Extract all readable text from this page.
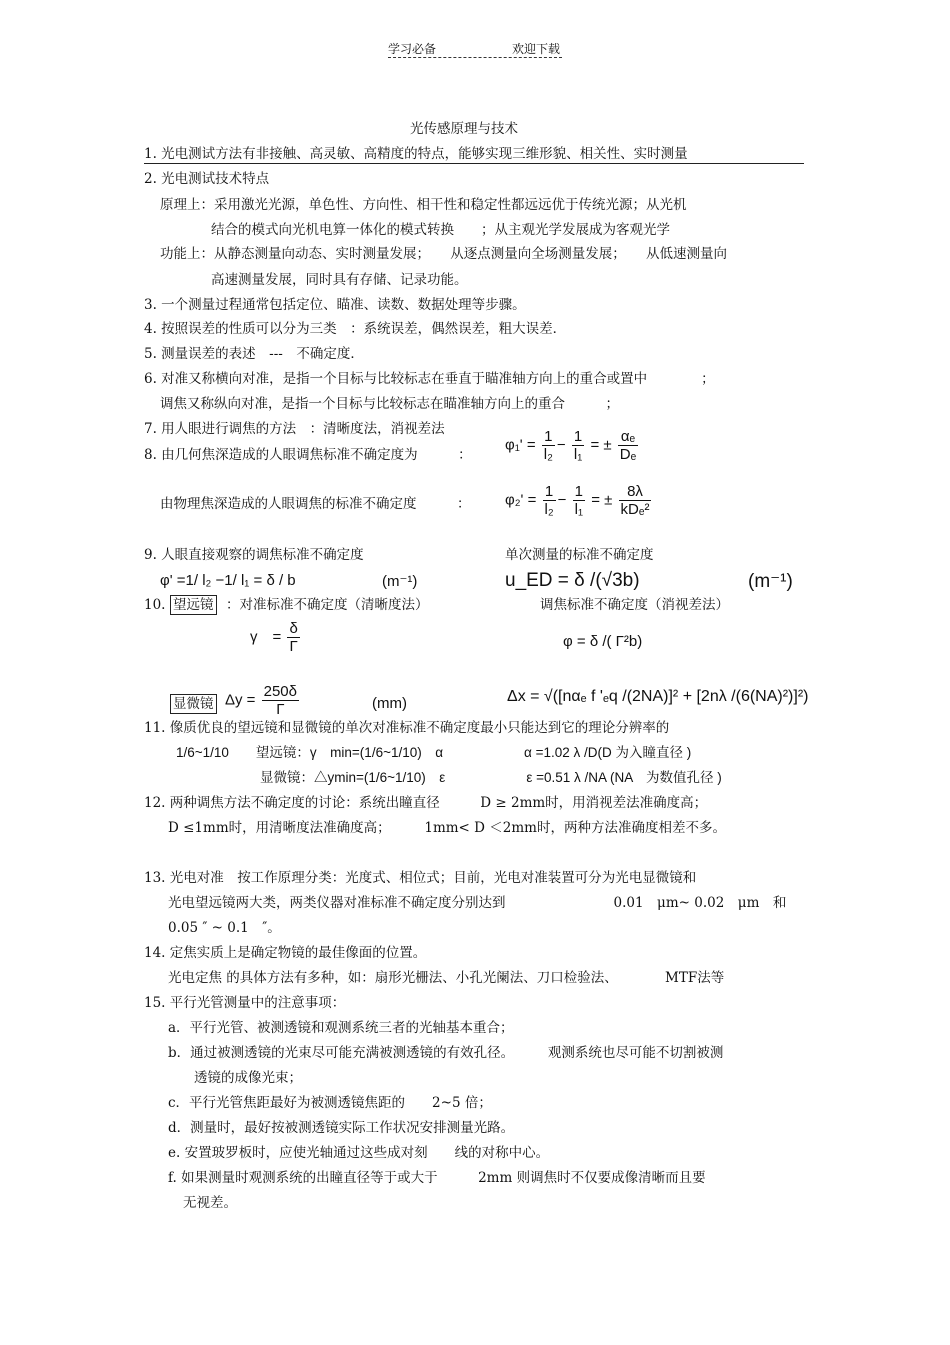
学习必备	欢迎下载
光传感原理与技术
1. 光电测试方法有非接触、高灵敏、高精度的特点，能够实现三维形貌、相关性、实时测量
2. 光电测试技术特点
原理上：采用激光光源，单色性、方向性、相干性和稳定性都远远优于传统光源；从光机
结合的模式向光机电算一体化的模式转换　　；从主观光学发展成为客观光学
功能上：从静态测量向动态、实时测量发展；　　从逐点测量向全场测量发展；　　从低速测量向
高速测量发展，同时具有存储、记录功能。
3. 一个测量过程通常包括定位、瞄准、读数、数据处理等步骤。
4. 按照误差的性质可以分为三类　：系统误差，偶然误差，粗大误差．
5. 测量误差的表述　---　不确定度．
6. 对准又称横向对准，是指一个目标与比较标志在垂直于瞄准轴方向上的重合或置中　　　　；
调焦又称纵向对准，是指一个目标与比较标志在瞄准轴方向上的重合　　　；
7. 用人眼进行调焦的方法　：清晰度法，消视差法
8. 由几何焦深造成的人眼调焦标准不确定度为　　　：
$\varphi_1' = \frac{1}{\text{l₂}} - \frac{1}{\text{l₁}}$ = ± $\frac{\text{αₑ}}{\text{Dₑ}}$
由物理焦深造成的人眼调焦的标准不确定度　　　： $\varphi_2' = \frac{1}{\text{l₂}} - \frac{1}{\text{l₁}}$ = ± $\frac{8\lambda}{\text{kDₑ²}}$
9. 人眼直接观察的调焦标准不确定度	单次测量的标准不确定度
φ' =1/ l₂ −1/ l₁ = δ / b	(m⁻¹)	u_ED = δ /(√3b)	(m⁻¹)
10. 望远镜 ：对准标准不确定度（清晰度法）	调焦标准不确定度（消视差法）
γ　= $\frac{\delta}{\Gamma}$	φ = δ /( Γ²b)
显微镜 $\Delta y = \frac{250\delta}{\Gamma}$	(mm)	Δx = √([nαₑ f 'ₑq /(2NA)]² + [2nλ /(6(NA)²)]²)
11. 像质优良的望远镜和显微镜的单次对准标准不确定度最小只能达到它的理论分辨率的
1/6~1/10　　望远镜：γ　min=(1/6~1/10)　α　　　　　　α =1.02 λ /D(D 为入瞳直径 )
显微镜：△ymin=(1/6~1/10)　ε　　　　　　ε =0.51 λ /NA (NA　为数值孔径 )
12. 两种调焦方法不确定度的讨论：系统出瞳直径　　　D ≥ 2mm时，用消视差法准确度高；
D ≤1mm时，用清晰度法准确度高；　　　1mm< D ＜2mm时，两种方法准确度相差不多。
13. 光电对准　按工作原理分类：光度式、相位式；目前，光电对准装置可分为光电显微镜和
光电望远镜两大类，两类仪器对准标准不确定度分别达到　　　　　　　　0.01　μm~ 0.02　μm　和
0.05 ″ ~ 0.1　″。
14. 定焦实质上是确定物镜的最佳像面的位置。
光电定焦 的具体方法有多种，如：扇形光栅法、小孔光阑法、刀口检验法、　　　　MTF法等
15. 平行光管测量中的注意事项：
a．平行光管、被测透镜和观测系统三者的光轴基本重合；
b．通过被测透镜的光束尽可能充满被测透镜的有效孔径。　　　观测系统也尽可能不切割被测
透镜的成像光束；
c．平行光管焦距最好为被测透镜焦距的　　2~5 倍；
d．测量时，最好按被测透镜实际工作状况安排测量光路。
e. 安置玻罗板时，应使光轴通过这些成对刻　　线的对称中心。
f. 如果测量时观测系统的出瞳直径等于或大于　　　2mm 则调焦时不仅要成像清晰而且要
无视差。
